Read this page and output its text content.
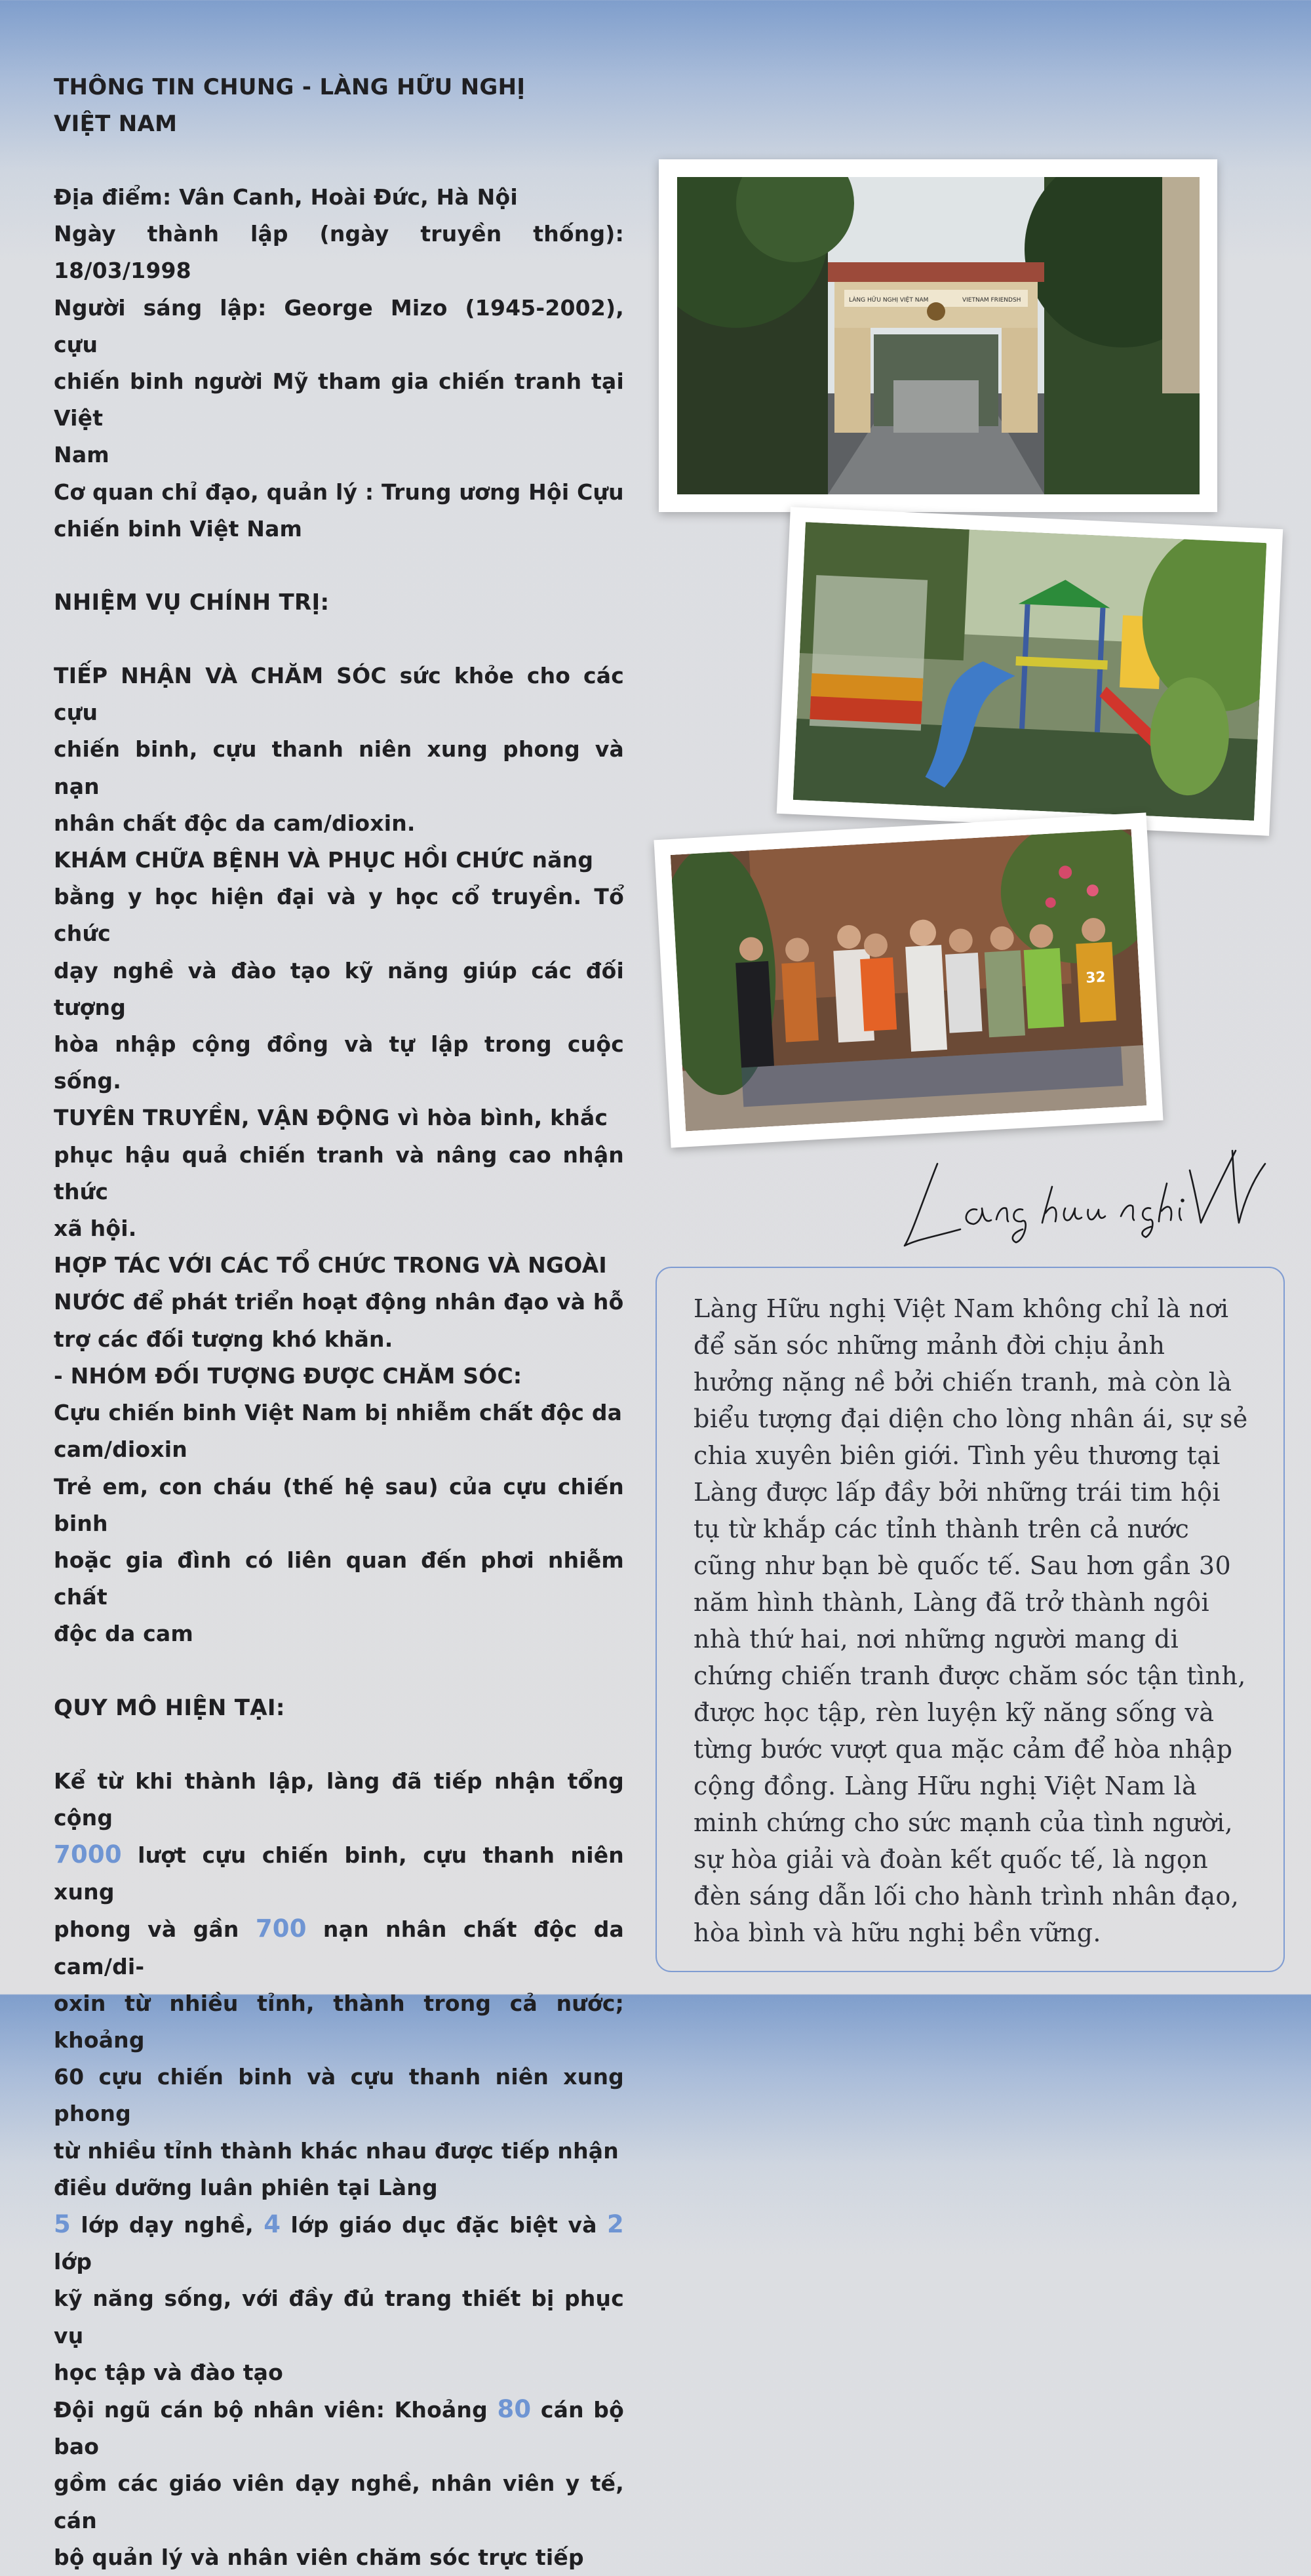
THÔNG TIN CHUNG - LÀNG HỮU NGHỊ

VIỆT NAM

Địa điểm: Vân Canh, Hoài Đức, Hà Nội

Ngày thành lập (ngày truyền thống): 18/03/1998

Người sáng lập: George Mizo (1945-2002), cựu

chiến binh người Mỹ tham gia chiến tranh tại Việt

Nam

Cơ quan chỉ đạo, quản lý : Trung ương Hội Cựu

chiến binh Việt Nam

NHIỆM VỤ CHÍNH TRỊ:

TIẾP NHẬN VÀ CHĂM SÓC sức khỏe cho các cựu

chiến binh, cựu thanh niên xung phong và nạn

nhân chất độc da cam/dioxin.

KHÁM CHỮA BỆNH VÀ PHỤC HỒI CHỨC năng

bằng y học hiện đại và y học cổ truyền. Tổ chức

dạy nghề và đào tạo kỹ năng giúp các đối tượng

hòa nhập cộng đồng và tự lập trong cuộc sống.

TUYÊN TRUYỀN, VẬN ĐỘNG vì hòa bình, khắc

phục hậu quả chiến tranh và nâng cao nhận thức

xã hội.

HỢP TÁC VỚI CÁC TỔ CHỨC TRONG VÀ NGOÀI

NƯỚC để phát triển hoạt động nhân đạo và hỗ

trợ các đối tượng khó khăn.

- NHÓM ĐỐI TƯỢNG ĐƯỢC CHĂM SÓC:

Cựu chiến binh Việt Nam bị nhiễm chất độc da

cam/dioxin

Trẻ em, con cháu (thế hệ sau) của cựu chiến binh

hoặc gia đình có liên quan đến phơi nhiễm chất

độc da cam

QUY MÔ HIỆN TẠI:

Kể từ khi thành lập, làng đã tiếp nhận tổng cộng

7000 lượt cựu chiến binh, cựu thanh niên xung

phong và gần 700 nạn nhân chất độc da cam/di-

oxin từ nhiều tỉnh, thành trong cả nước; khoảng

60 cựu chiến binh và cựu thanh niên xung phong

từ nhiều tỉnh thành khác nhau được tiếp nhận

điều dưỡng luân phiên tại Làng

5 lớp dạy nghề, 4 lớp giáo dục đặc biệt và 2 lớp

kỹ năng sống, với đầy đủ trang thiết bị phục vụ

học tập và đào tạo

Đội ngũ cán bộ nhân viên: Khoảng 80 cán bộ bao

gồm các giáo viên dạy nghề, nhân viên y tế, cán

bộ quản lý và nhân viên chăm sóc trực tiếp

LÀNG HỮU NGHỊ VIỆT NAM	VIETNAM FRIENDSH
32
Làng Hữu nghị Việt Nam không chỉ là nơi
để săn sóc những mảnh đời chịu ảnh
hưởng nặng nề bởi chiến tranh, mà còn là
biểu tượng đại diện cho lòng nhân ái, sự sẻ
chia xuyên biên giới. Tình yêu thương tại
Làng được lấp đầy bởi những trái tim hội
tụ từ khắp các tỉnh thành trên cả nước
cũng như bạn bè quốc tế. Sau hơn gần 30
năm hình thành, Làng đã trở thành ngôi
nhà thứ hai, nơi những người mang di
chứng chiến tranh được chăm sóc tận tình,
được học tập, rèn luyện kỹ năng sống và
từng bước vượt qua mặc cảm để hòa nhập
cộng đồng. Làng Hữu nghị Việt Nam là
minh chứng cho sức mạnh của tình người,
sự hòa giải và đoàn kết quốc tế, là ngọn
đèn sáng dẫn lối cho hành trình nhân đạo,
hòa bình và hữu nghị bền vững.
